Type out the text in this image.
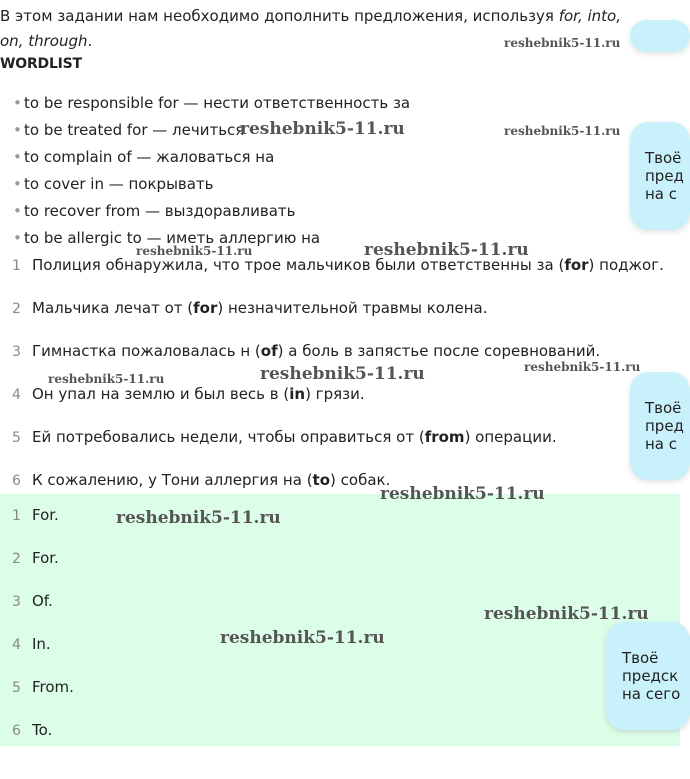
В этом задании нам необходимо дополнить предложения, используя for, into, on, through.
WORDLIST
• to be responsible for — нести ответственность за
• to be treated for — лечиться
• to complain of — жаловаться на
• to cover in — покрывать
• to recover from — выздоравливать
• to be allergic to — иметь аллергию на
1 Полиция обнаружила, что трое мальчиков были ответственны за (for) поджог.
2 Мальчика лечат от (for) незначительной травмы колена.
3 Гимнастка пожаловалась н (of) а боль в запястье после соревнований.
4 Он упал на землю и был весь в (in) грязи.
5 Ей потребовались недели, чтобы оправиться от (from) операции.
6 К сожалению, у Тони аллергия на (to) собак.
1 For.
2 For.
3 Of.
4 In.
5 From.
6 To.
Твоё
пред
на с
Твоё
пред
на с
Твоё
предск
на сего
reshebnik5-11.ru
reshebnik5-11.ru	reshebnik5-11.ru
reshebnik5-11.ru	reshebnik5-11.ru
reshebnik5-11.ru
reshebnik5-11.ru
reshebnik5-11.ru
reshebnik5-11.ru
reshebnik5-11.ru
reshebnik5-11.ru
reshebnik5-11.ru
